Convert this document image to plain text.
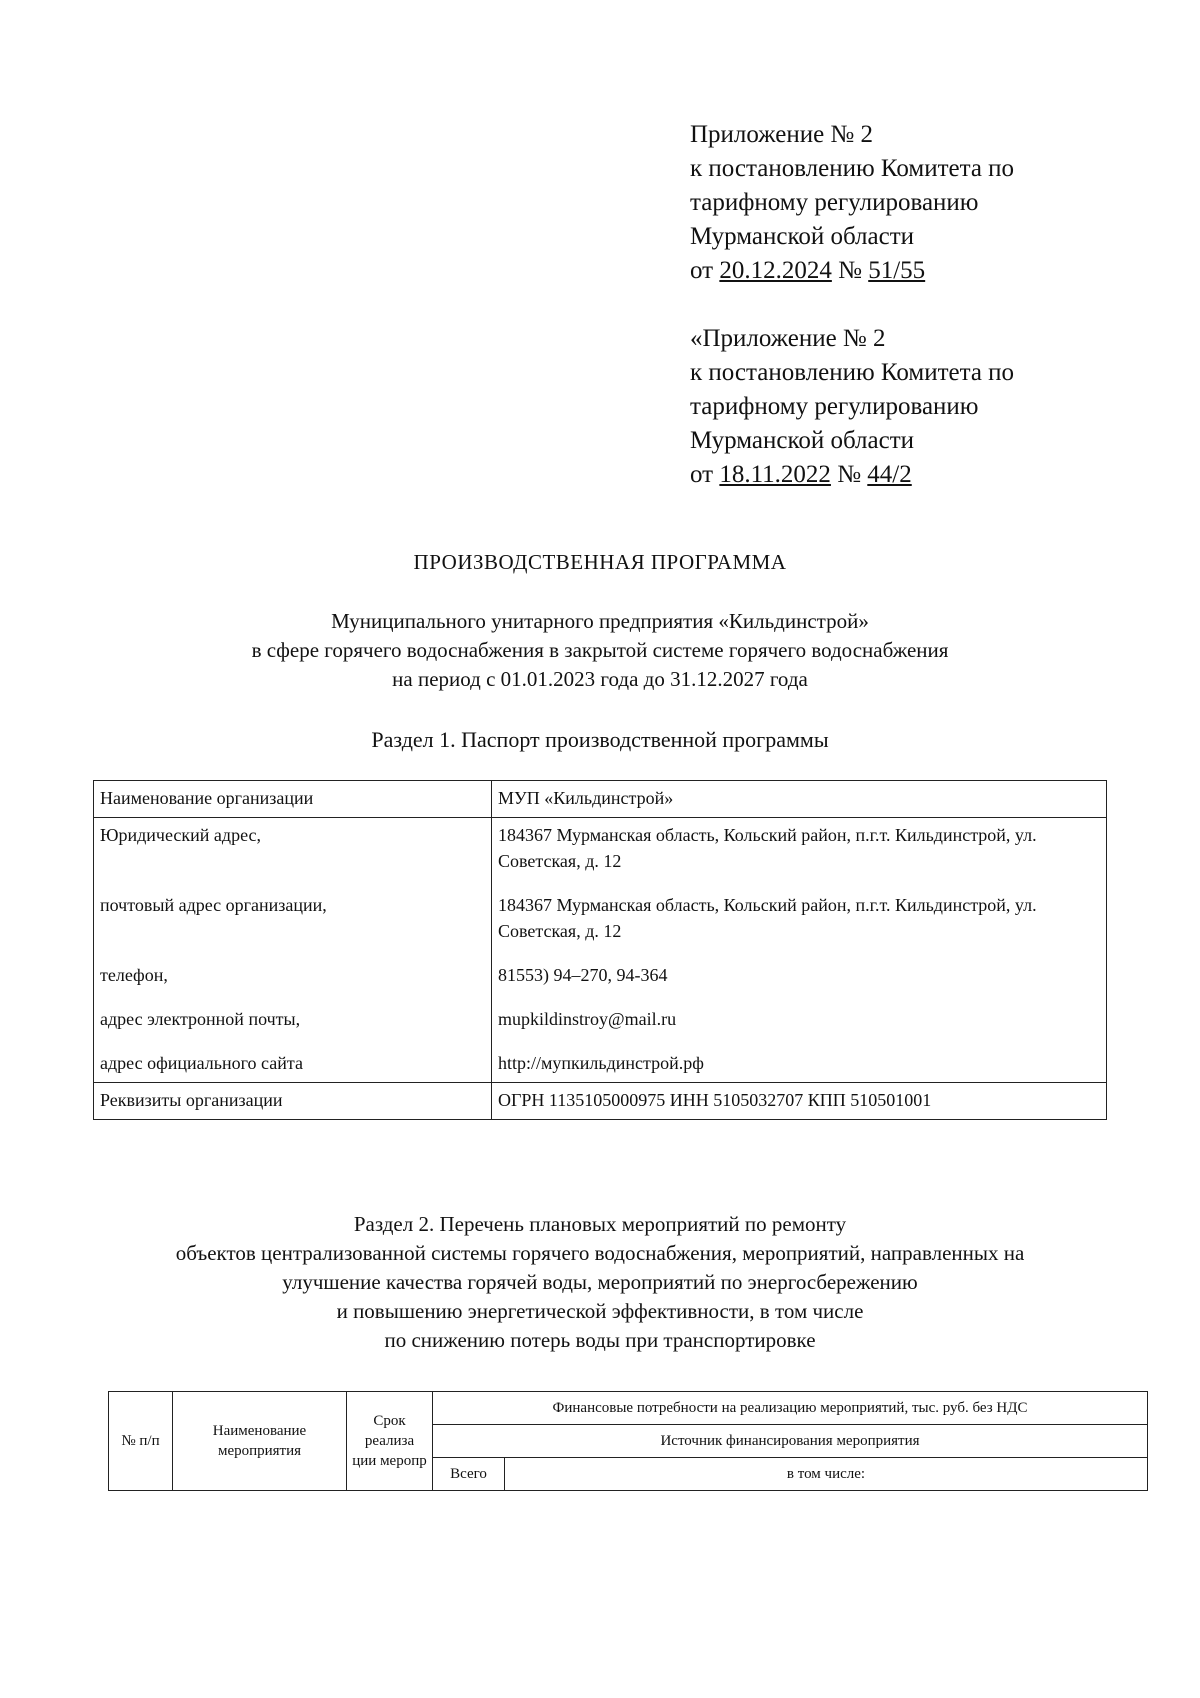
Приложение № 2
к постановлению Комитета по
тарифному регулированию
Мурманской области
от 20.12.2024 № 51/55
«Приложение № 2
к постановлению Комитета по
тарифному регулированию
Мурманской области
от 18.11.2022 № 44/2
ПРОИЗВОДСТВЕННАЯ ПРОГРАММА
Муниципального унитарного предприятия «Кильдинстрой»
в сфере горячего водоснабжения в закрытой системе горячего водоснабжения
на период с 01.01.2023 года до 31.12.2027 года
Раздел 1. Паспорт производственной программы
Наименование организации	МУП «Кильдинстрой»
Юридический адрес,	184367 Мурманская область, Кольский район, п.г.т. Кильдинстрой, ул. Советская, д. 12
почтовый адрес организации,	184367 Мурманская область, Кольский район, п.г.т. Кильдинстрой, ул. Советская, д. 12
телефон,	81553) 94–270, 94-364
адрес электронной почты,	mupkildinstroy@mail.ru
адрес официального сайта	http://мупкильдинстрой.рф
Реквизиты организации	ОГРН 1135105000975 ИНН 5105032707 КПП 510501001
Раздел 2. Перечень плановых мероприятий по ремонту
объектов централизованной системы горячего водоснабжения, мероприятий, направленных на
улучшение качества горячей воды, мероприятий по энергосбережению
и повышению энергетической эффективности, в том числе
по снижению потерь воды при транспортировке
№ п/п	Наименование мероприятия	Срок реализа ции меропр	Финансовые потребности на реализацию мероприятий, тыс. руб. без НДС	
			Источник финансирования мероприятия	
			Всего	в том числе:
